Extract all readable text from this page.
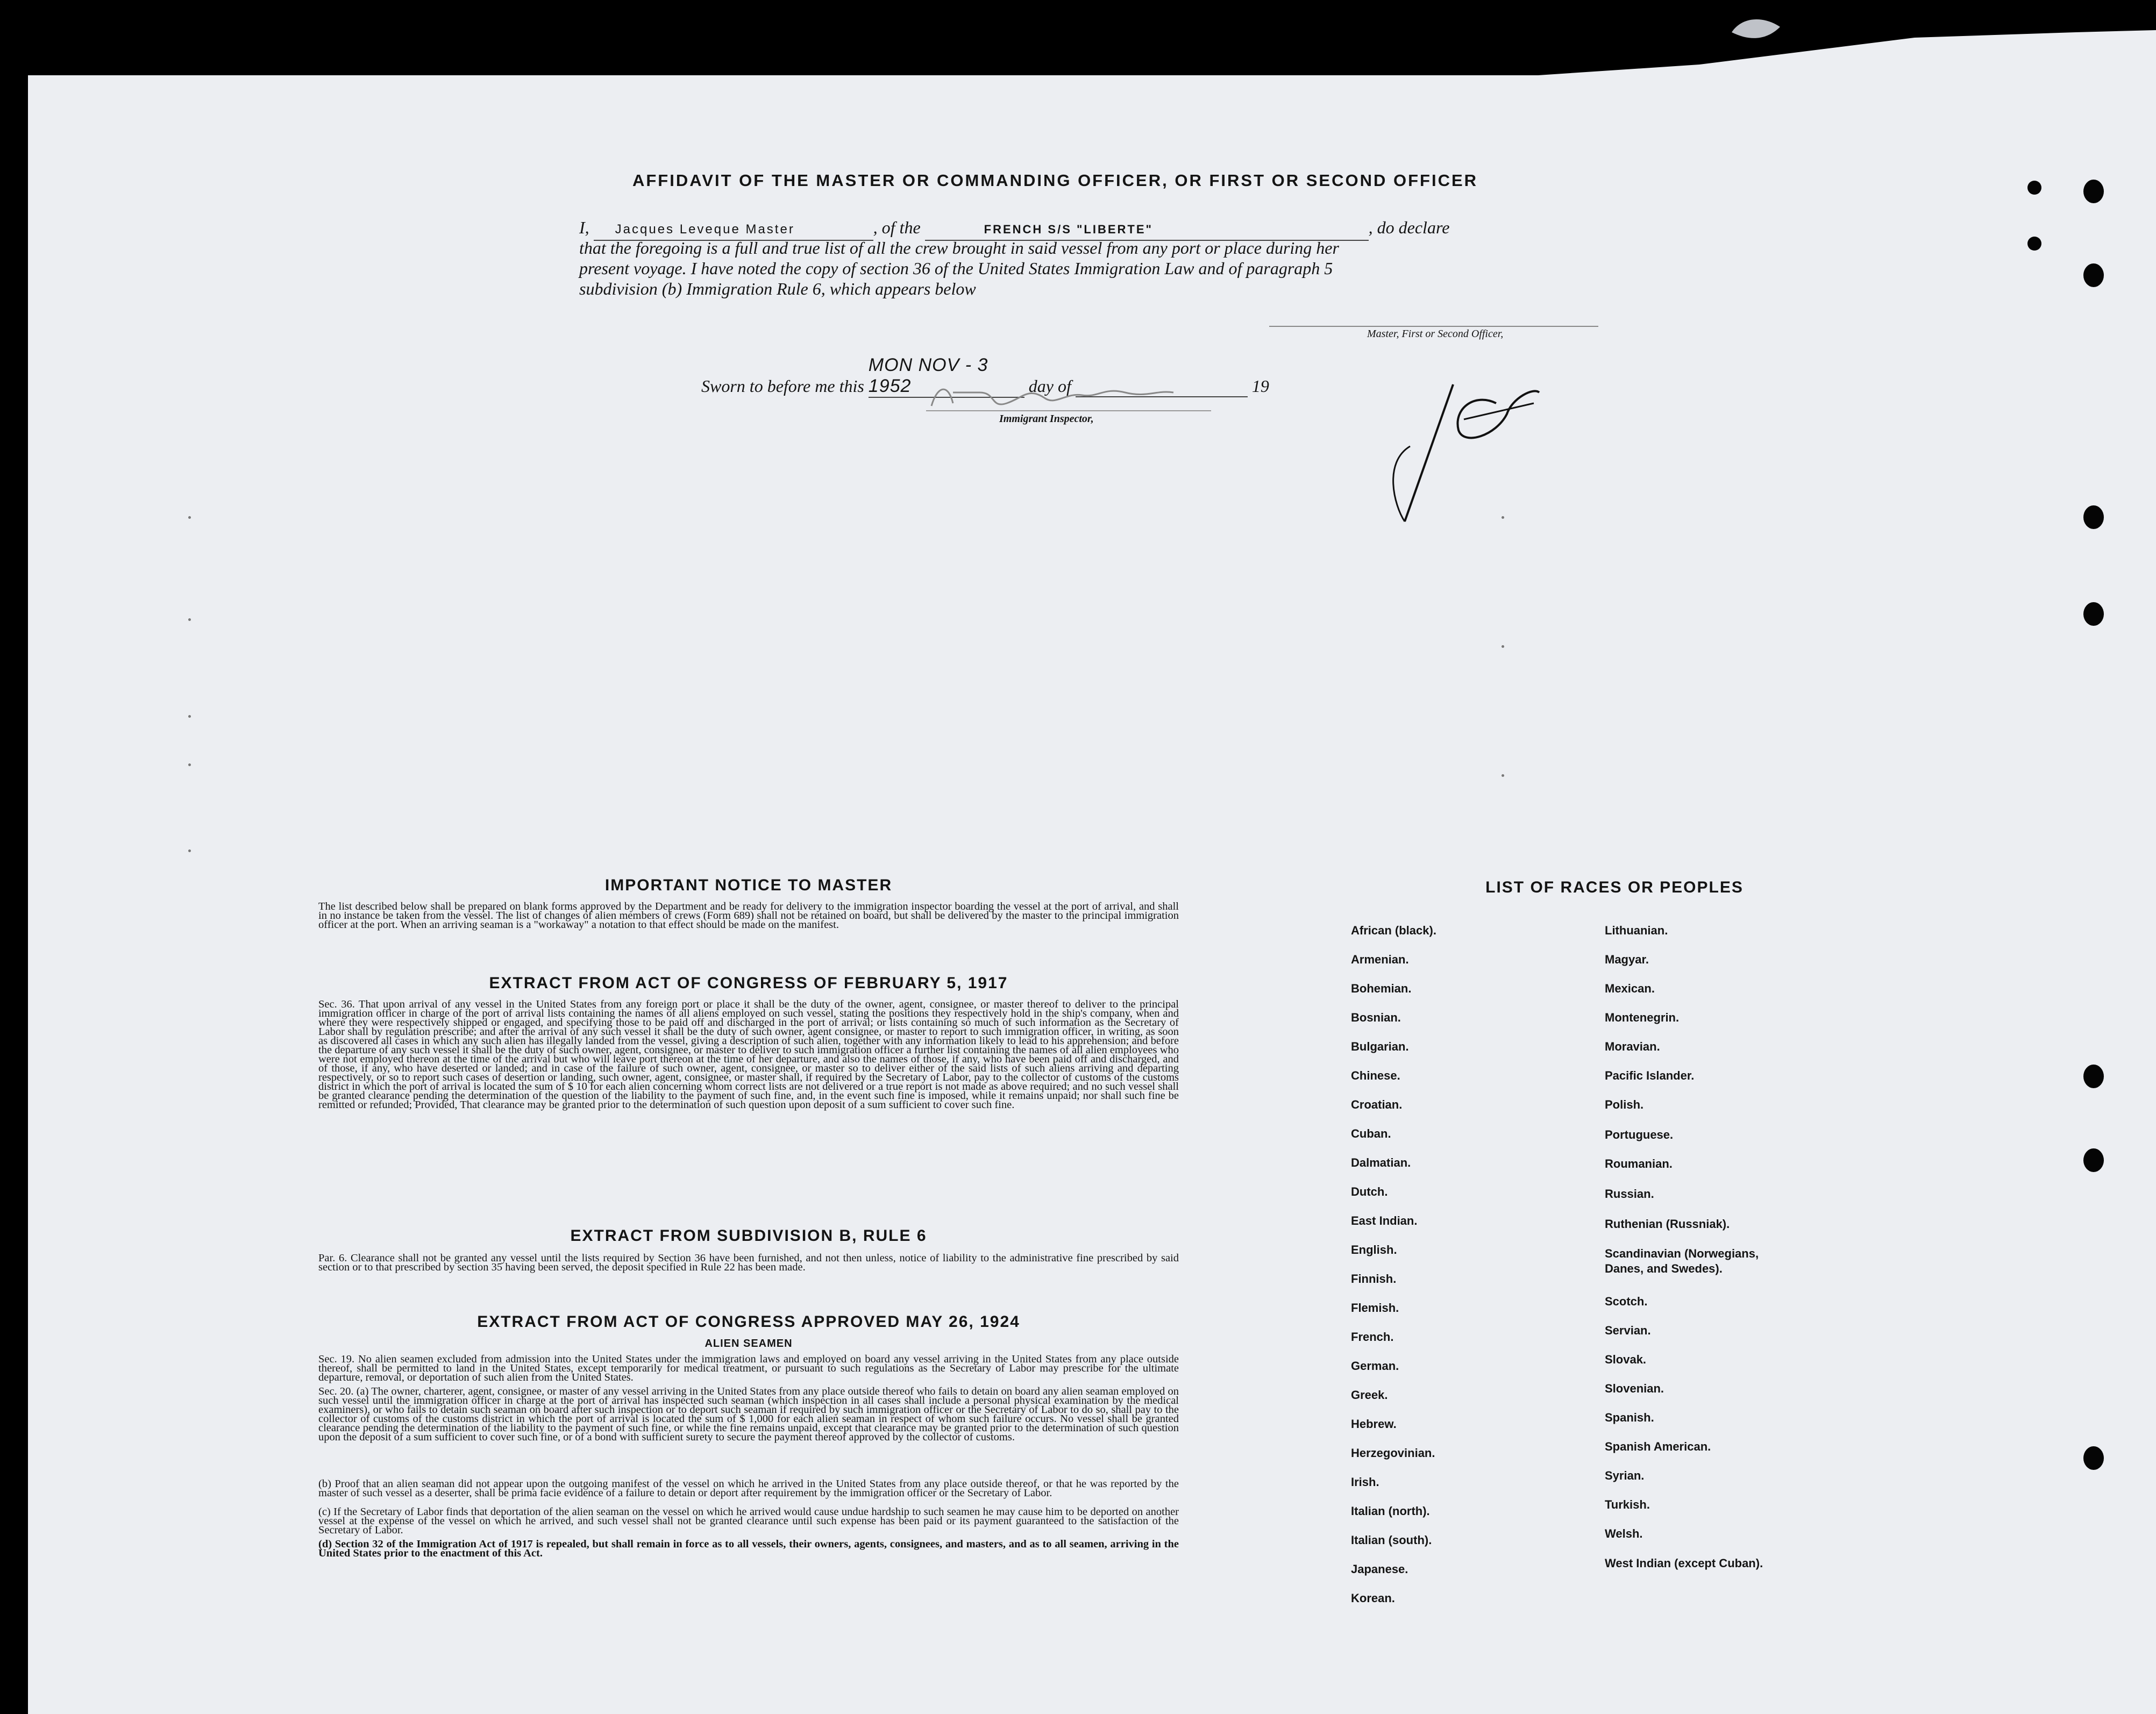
AFFIDAVIT OF THE MASTER OR COMMANDING OFFICER, OR FIRST OR SECOND OFFICER
I, Jacques Leveque Master	, of the	FRENCH S/S "LIBERTE"	, do declare
that the foregoing is a full and true list of all the crew brought in said vessel from any port or place during her
present voyage. I have noted the copy of section 36 of the United States Immigration Law and of paragraph 5
subdivision (b) Immigration Rule 6, which appears below
Master, First or Second Officer,
Sworn to before me this MON NOV - 3 1952	day of	19
Immigrant Inspector,
IMPORTANT NOTICE TO MASTER
The list described below shall be prepared on blank forms approved by the Department and be ready for delivery to the immigration inspector boarding the vessel at the port of arrival, and shall in no instance be taken from the vessel. The list of changes of alien members of crews (Form 689) shall not be retained on board, but shall be delivered by the master to the principal immigration officer at the port. When an arriving seaman is a "workaway" a notation to that effect should be made on the manifest.
EXTRACT FROM ACT OF CONGRESS OF FEBRUARY 5, 1917
Sec. 36. That upon arrival of any vessel in the United States from any foreign port or place it shall be the duty of the owner, agent, consignee, or master thereof to deliver to the principal immigration officer in charge of the port of arrival lists containing the names of all aliens employed on such vessel, stating the positions they respectively hold in the ship's company, when and where they were respectively shipped or engaged, and specifying those to be paid off and discharged in the port of arrival; or lists containing so much of such information as the Secretary of Labor shall by regulation prescribe; and after the arrival of any such vessel it shall be the duty of such owner, agent consignee, or master to report to such immigration officer, in writing, as soon as discovered all cases in which any such alien has illegally landed from the vessel, giving a description of such alien, together with any information likely to lead to his apprehension; and before the departure of any such vessel it shall be the duty of such owner, agent, consignee, or master to deliver to such immigration officer a further list containing the names of all alien employees who were not employed thereon at the time of the arrival but who will leave port thereon at the time of her departure, and also the names of those, if any, who have been paid off and discharged, and of those, if any, who have deserted or landed; and in case of the failure of such owner, agent, consignee, or master so to deliver either of the said lists of such aliens arriving and departing respectively, or so to report such cases of desertion or landing, such owner, agent, consignee, or master shall, if required by the Secretary of Labor, pay to the collector of customs of the customs district in which the port of arrival is located the sum of $ 10 for each alien concerning whom correct lists are not delivered or a true report is not made as above required; and no such vessel shall be granted clearance pending the determination of the question of the liability to the payment of such fine, and, in the event such fine is imposed, while it remains unpaid; nor shall such fine be remitted or refunded; Provided, That clearance may be granted prior to the determination of such question upon deposit of a sum sufficient to cover such fine.
EXTRACT FROM SUBDIVISION B, RULE 6
Par. 6. Clearance shall not be granted any vessel until the lists required by Section 36 have been furnished, and not then unless, notice of liability to the administrative fine prescribed by said section or to that prescribed by section 35 having been served, the deposit specified in Rule 22 has been made.
EXTRACT FROM ACT OF CONGRESS APPROVED MAY 26, 1924
ALIEN SEAMEN
Sec. 19. No alien seamen excluded from admission into the United States under the immigration laws and employed on board any vessel arriving in the United States from any place outside thereof, shall be permitted to land in the United States, except temporarily for medical treatment, or pursuant to such regulations as the Secretary of Labor may prescribe for the ultimate departure, removal, or deportation of such alien from the United States.
Sec. 20. (a) The owner, charterer, agent, consignee, or master of any vessel arriving in the United States from any place outside thereof who fails to detain on board any alien seaman employed on such vessel until the immigration officer in charge at the port of arrival has inspected such seaman (which inspection in all cases shall include a personal physical examination by the medical examiners), or who fails to detain such seaman on board after such inspection or to deport such seaman if required by such immigration officer or the Secretary of Labor to do so, shall pay to the collector of customs of the customs district in which the port of arrival is located the sum of $ 1,000 for each alien seaman in respect of whom such failure occurs. No vessel shall be granted clearance pending the determination of the liability to the payment of such fine, or while the fine remains unpaid, except that clearance may be granted prior to the determination of such question upon the deposit of a sum sufficient to cover such fine, or of a bond with sufficient surety to secure the payment thereof approved by the collector of customs.
(b) Proof that an alien seaman did not appear upon the outgoing manifest of the vessel on which he arrived in the United States from any place outside thereof, or that he was reported by the master of such vessel as a deserter, shall be prima facie evidence of a failure to detain or deport after requirement by the immigration officer or the Secretary of Labor.
(c) If the Secretary of Labor finds that deportation of the alien seaman on the vessel on which he arrived would cause undue hardship to such seamen he may cause him to be deported on another vessel at the expense of the vessel on which he arrived, and such vessel shall not be granted clearance until such expense has been paid or its payment guaranteed to the satisfaction of the Secretary of Labor.
(d) Section 32 of the Immigration Act of 1917 is repealed, but shall remain in force as to all vessels, their owners, agents, consignees, and masters, and as to all seamen, arriving in the United States prior to the enactment of this Act.
LIST OF RACES OR PEOPLES
African (black).
Armenian.
Bohemian.
Bosnian.
Bulgarian.
Chinese.
Croatian.
Cuban.
Dalmatian.
Dutch.
East Indian.
English.
Finnish.
Flemish.
French.
German.
Greek.
Hebrew.
Herzegovinian.
Irish.
Italian (north).
Italian (south).
Japanese.
Korean.
Lithuanian.
Magyar.
Mexican.
Montenegrin.
Moravian.
Pacific Islander.
Polish.
Portuguese.
Roumanian.
Russian.
Ruthenian (Russniak).
Scandinavian (Norwegians, Danes, and Swedes).
Scotch.
Servian.
Slovak.
Slovenian.
Spanish.
Spanish American.
Syrian.
Turkish.
Welsh.
West Indian (except Cuban).
